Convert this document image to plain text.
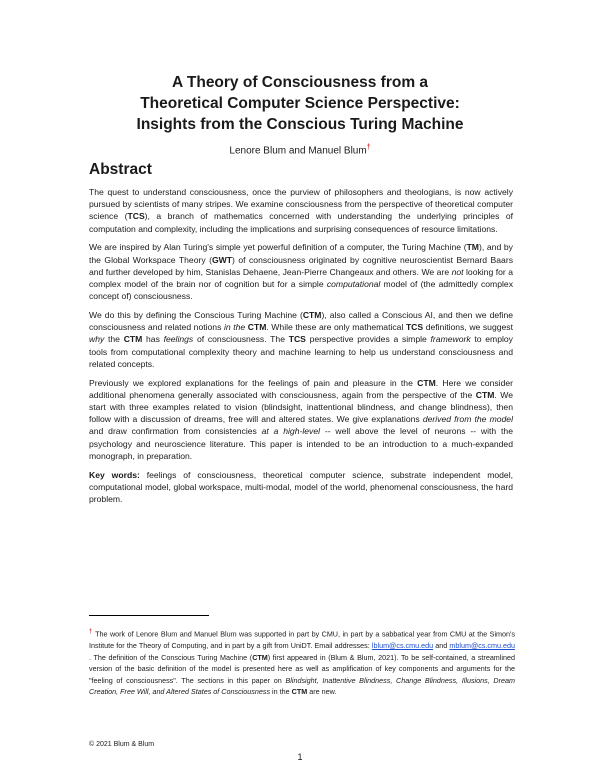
A Theory of Consciousness from a
Theoretical Computer Science Perspective:
Insights from the Conscious Turing Machine
Lenore Blum and Manuel Blum†
Abstract

The quest to understand consciousness, once the purview of philosophers and theologians, is now actively pursued by scientists of many stripes. We examine consciousness from the perspective of theoretical computer science (TCS), a branch of mathematics concerned with understanding the underlying principles of computation and complexity, including the implications and surprising consequences of resource limitations.

We are inspired by Alan Turing's simple yet powerful definition of a computer, the Turing Machine (TM), and by the Global Workspace Theory (GWT) of consciousness originated by cognitive neuroscientist Bernard Baars and further developed by him, Stanislas Dehaene, Jean-Pierre Changeaux and others. We are not looking for a complex model of the brain nor of cognition but for a simple computational model of (the admittedly complex concept of) consciousness.

We do this by defining the Conscious Turing Machine (CTM), also called a Conscious AI, and then we define consciousness and related notions in the CTM. While these are only mathematical TCS definitions, we suggest why the CTM has feelings of consciousness. The TCS perspective provides a simple framework to employ tools from computational complexity theory and machine learning to help us understand consciousness and related concepts.

Previously we explored explanations for the feelings of pain and pleasure in the CTM. Here we consider additional phenomena generally associated with consciousness, again from the perspective of the CTM. We start with three examples related to vision (blindsight, inattentional blindness, and change blindness), then follow with a discussion of dreams, free will and altered states. We give explanations derived from the model and draw confirmation from consistencies at a high-level -- well above the level of neurons -- with the psychology and neuroscience literature. This paper is intended to be an introduction to a much-expanded monograph, in preparation.

Key words: feelings of consciousness, theoretical computer science, substrate independent model, computational model, global workspace, multi-modal, model of the world, phenomenal consciousness, the hard problem.

† The work of Lenore Blum and Manuel Blum was supported in part by CMU, in part by a sabbatical year from CMU at the Simon's Institute for the Theory of Computing, and in part by a gift from UniDT. Email addresses: lblum@cs.cmu.edu and mblum@cs.cmu.edu . The definition of the Conscious Turing Machine (CTM) first appeared in (Blum & Blum, 2021). To be self-contained, a streamlined version of the basic definition of the model is presented here as well as amplification of key components and arguments for the "feeling of consciousness". The sections in this paper on Blindsight, Inattentive Blindness, Change Blindness, Illusions, Dream Creation, Free Will, and Altered States of Consciousness in the CTM are new.
© 2021 Blum & Blum
1
